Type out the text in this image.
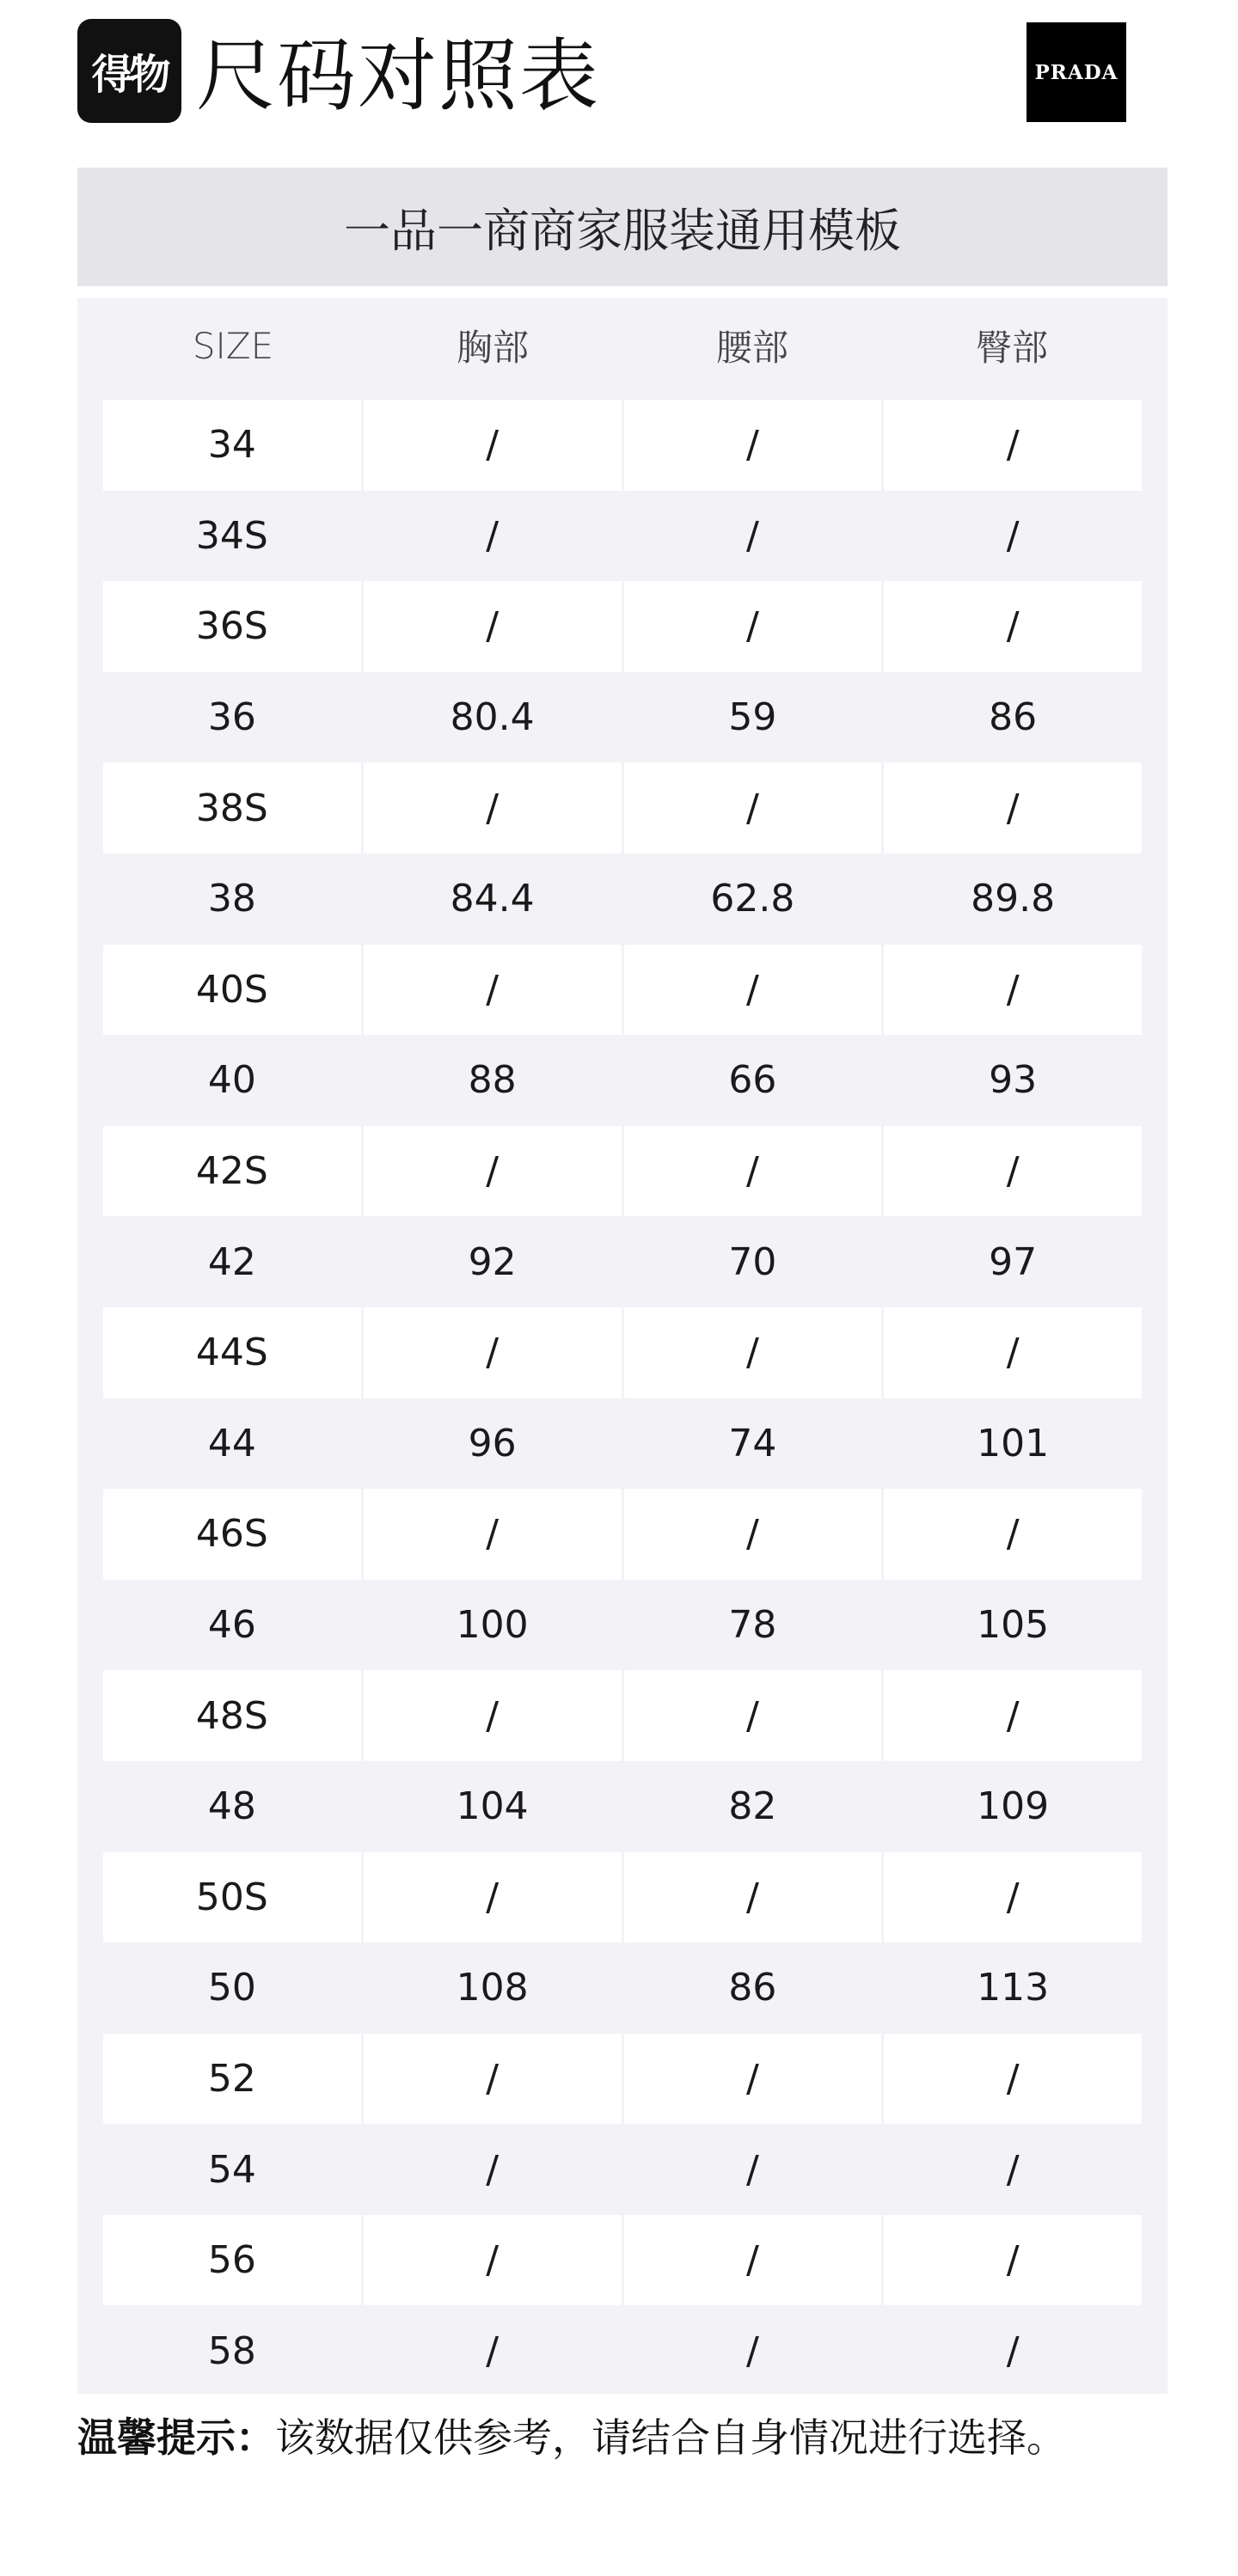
得物 尺码对照表	PRADA
一品一商商家服装通用模板
SIZE	胸部	腰部	臀部
34	/	/	/
34S	/	/	/
36S	/	/	/
36	80.4	59	86
38S	/	/	/
38	84.4	62.8	89.8
40S	/	/	/
40	88	66	93
42S	/	/	/
42	92	70	97
44S	/	/	/
44	96	74	101
46S	/	/	/
46	100	78	105
48S	/	/	/
48	104	82	109
50S	/	/	/
50	108	86	113
52	/	/	/
54	/	/	/
56	/	/	/
58	/	/	/
温馨提示：该数据仅供参考，请结合自身情况进行选择。
